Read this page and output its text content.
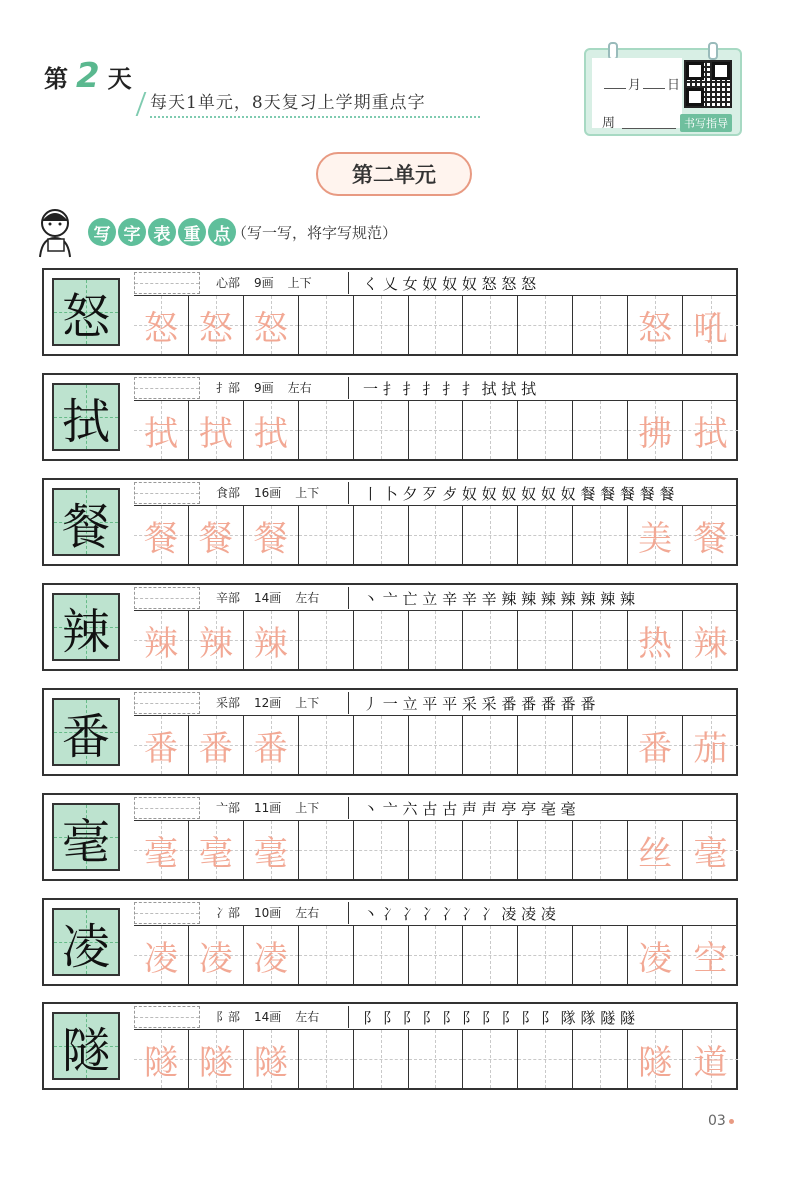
第 2 天
每天1单元，8天复习上学期重点字
月 日
周	书写指导
第二单元
写 字 表 重 点 （写一写，将字写规范）
怒
心部 9画 上下	く 乂 女 奴 奴 奴 怒 怒 怒
怒 怒 怒	怒 吼
拭
扌部 9画 左右	一 扌 扌 扌 扌 扌 拭 拭 拭
拭 拭 拭	拂 拭
餐
食部 16画 上下	丨 卜 夕 歹 歺 奴 奴 奴 奴 奴 奴 餐 餐 餐 餐 餐
餐 餐 餐	美 餐
辣
辛部 14画 左右	丶 亠 亡 立 辛 辛 辛 辣 辣 辣 辣 辣 辣 辣
辣 辣 辣	热 辣
番
采部 12画 上下	丿 一 立 平 平 采 采 番 番 番 番 番
番 番 番	番 茄
毫
亠部 11画 上下	丶 亠 六 古 古 声 声 亭 亭 亳 毫
毫 毫 毫	丝 毫
凌
冫部 10画 左右	丶 冫 冫 冫 冫 冫 冫 凌 凌 凌
凌 凌 凌	凌 空
隧
阝部 14画 左右	阝 阝 阝 阝 阝 阝 阝 阝 阝 阝 隊 隊 隧 隧
隧 隧 隧	隧 道
03
